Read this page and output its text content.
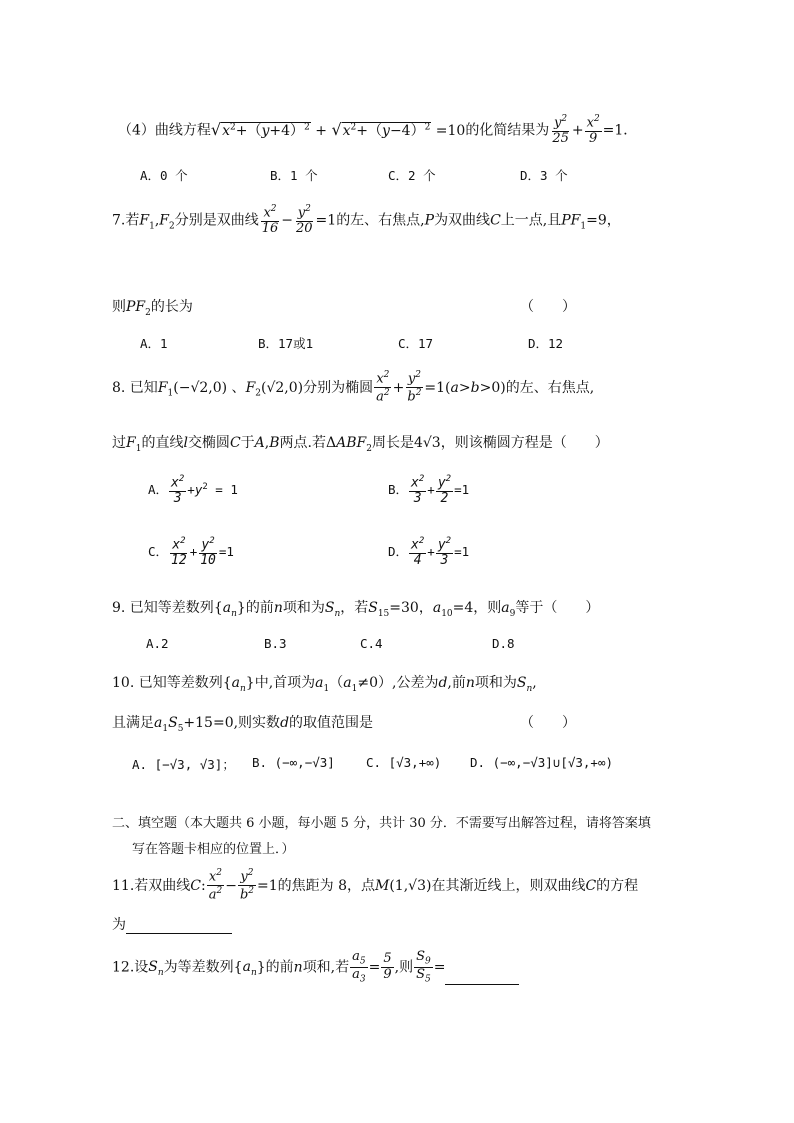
（4）曲线方程$√x^2+(y+4)^2 + √x^2+(y-4)^2 =10$的化简结果为 $\frac{y^2}{25} + \frac{x^2}{9} =1$．
A．0 个	B．1 个	C．2 个	D．3 个
7.若$F_1,F_2$分别是双曲线 $\frac{x^2}{16} - \frac{y^2}{20} =1$的左、右焦点,P为双曲线C上一点,且$PF_1=9$，
则$PF_2$的长为	（　　）
A．1	B．17或1	C．17	D．12
8. 已知$F_1(-√2,0)$ 、$F_2(√2,0)$分别为椭圆 $\frac{x^2}{a^2} + \frac{y^2}{b^2} =1(a>b>0)$的左、右焦点,
过$F_1$的直线l交椭圆C于A,B两点.若$\Delta ABF_2$周长是4√3，则该椭圆方程是（　　）
A． $\frac{x^2}{3} +y^2 = 1$	B． $\frac{x^2}{3} + \frac{y^2}{2} =1$
C． $\frac{x^2}{12} + \frac{y^2}{10} =1$	D． $\frac{x^2}{4} + \frac{y^2}{3} =1$
9. 已知等差数列$\{a_n\}$的前n项和为$S_n$，若$S_{15}=30$，$a_{10}=4$，则$a_9$等于（　　）
A.2	B.3	C.4	D.8
10. 已知等差数列$\{a_n\}$中,首项为$a_1(a_1\ne 0)$,公差为d,前n项和为$S_n$,
且满足$a_1S_5+15=0$,则实数d的取值范围是	（　　）
A. [−√3, √3]； B. (−∞,−√3] C. [√3,+∞) D. (−∞,−√3]∪[√3,+∞)
二、填空题（本大题共 6 小题，每小题 5 分，共计 30 分．不需要写出解答过程，请将答案填
写在答题卡相应的位置上．）
11.若双曲线C: $\frac{x^2}{a^2} - \frac{y^2}{b^2} =1$的焦距为 8，点M(1,√3)在其渐近线上，则双曲线C的方程
为
12.设$S_n$为等差数列$\{a_n\}$的前n项和,若 $\frac{a_5}{a_3} = \frac{5}{9}$ ,则 $\frac{S_9}{S_5}$ =
